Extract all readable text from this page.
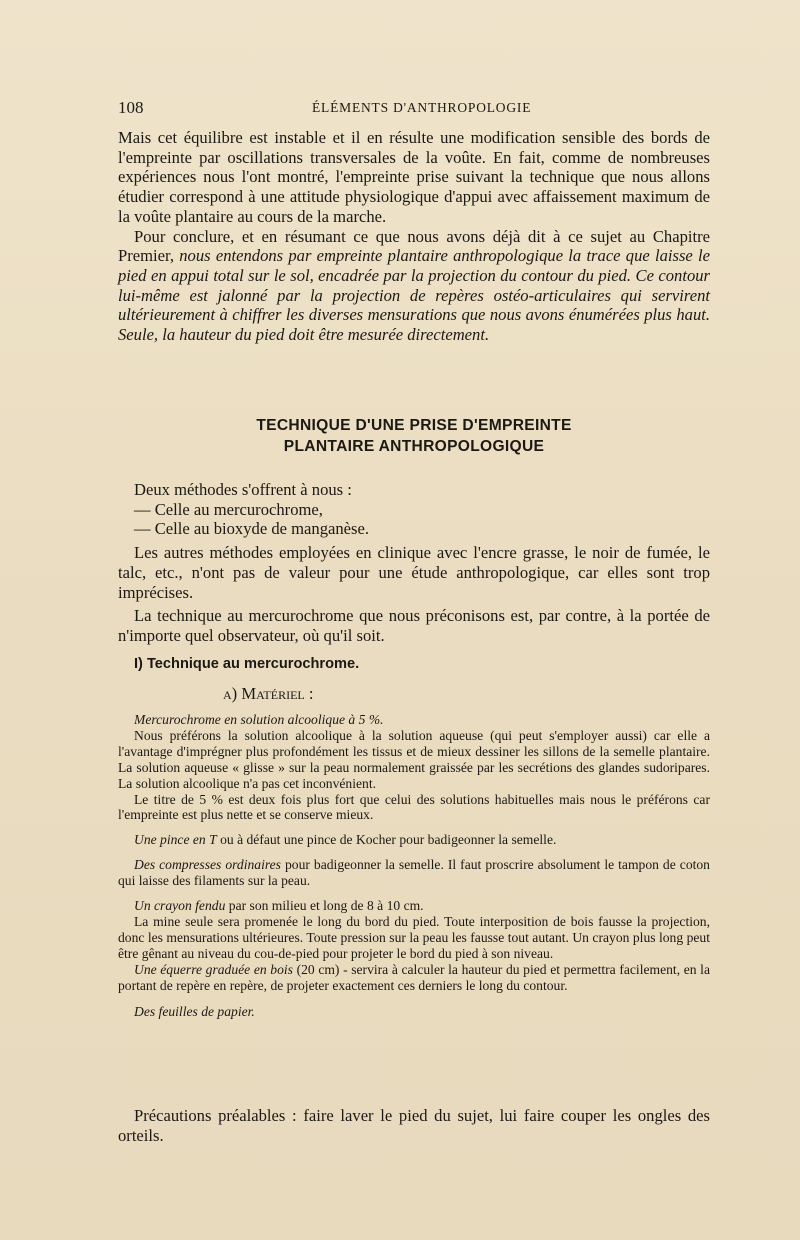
108	ÉLÉMENTS D'ANTHROPOLOGIE

Mais cet équilibre est instable et il en résulte une modification sensible des bords de l'empreinte par oscillations transversales de la voûte. En fait, comme de nombreuses expériences nous l'ont montré, l'empreinte prise suivant la technique que nous allons étudier correspond à une attitude physiologique d'appui avec affaissement maximum de la voûte plantaire au cours de la marche.

Pour conclure, et en résumant ce que nous avons déjà dit à ce sujet au Chapitre Premier, nous entendons par empreinte plantaire anthropologique la trace que laisse le pied en appui total sur le sol, encadrée par la projection du contour du pied. Ce contour lui-même est jalonné par la projection de repères ostéo-articulaires qui servirent ultérieurement à chiffrer les diverses mensurations que nous avons énumérées plus haut. Seule, la hauteur du pied doit être mesurée directement.

TECHNIQUE D'UNE PRISE D'EMPREINTE
PLANTAIRE ANTHROPOLOGIQUE

Deux méthodes s'offrent à nous :

— Celle au mercurochrome,

— Celle au bioxyde de manganèse.

Les autres méthodes employées en clinique avec l'encre grasse, le noir de fumée, le talc, etc., n'ont pas de valeur pour une étude anthropologique, car elles sont trop imprécises.

La technique au mercurochrome que nous préconisons est, par contre, à la portée de n'importe quel observateur, où qu'il soit.

I) Technique au mercurochrome.
a) Matériel :

Mercurochrome en solution alcoolique à 5 %.

Nous préférons la solution alcoolique à la solution aqueuse (qui peut s'employer aussi) car elle a l'avantage d'imprégner plus profondément les tissus et de mieux dessiner les sillons de la semelle plantaire. La solution aqueuse « glisse » sur la peau normalement graissée par les secrétions des glandes sudoripares. La solution alcoolique n'a pas cet inconvénient.

Le titre de 5 % est deux fois plus fort que celui des solutions habituelles mais nous le préférons car l'empreinte est plus nette et se conserve mieux.

Une pince en T ou à défaut une pince de Kocher pour badigeonner la semelle.

Des compresses ordinaires pour badigeonner la semelle. Il faut proscrire absolument le tampon de coton qui laisse des filaments sur la peau.

Un crayon fendu par son milieu et long de 8 à 10 cm.

La mine seule sera promenée le long du bord du pied. Toute interposition de bois fausse la projection, donc les mensurations ultérieures. Toute pression sur la peau les fausse tout autant. Un crayon plus long peut être gênant au niveau du cou-de-pied pour projeter le bord du pied à son niveau.

Une équerre graduée en bois (20 cm) - servira à calculer la hauteur du pied et permettra facilement, en la portant de repère en repère, de projeter exactement ces derniers le long du contour.

Des feuilles de papier.

Précautions préalables : faire laver le pied du sujet, lui faire couper les ongles des orteils.
